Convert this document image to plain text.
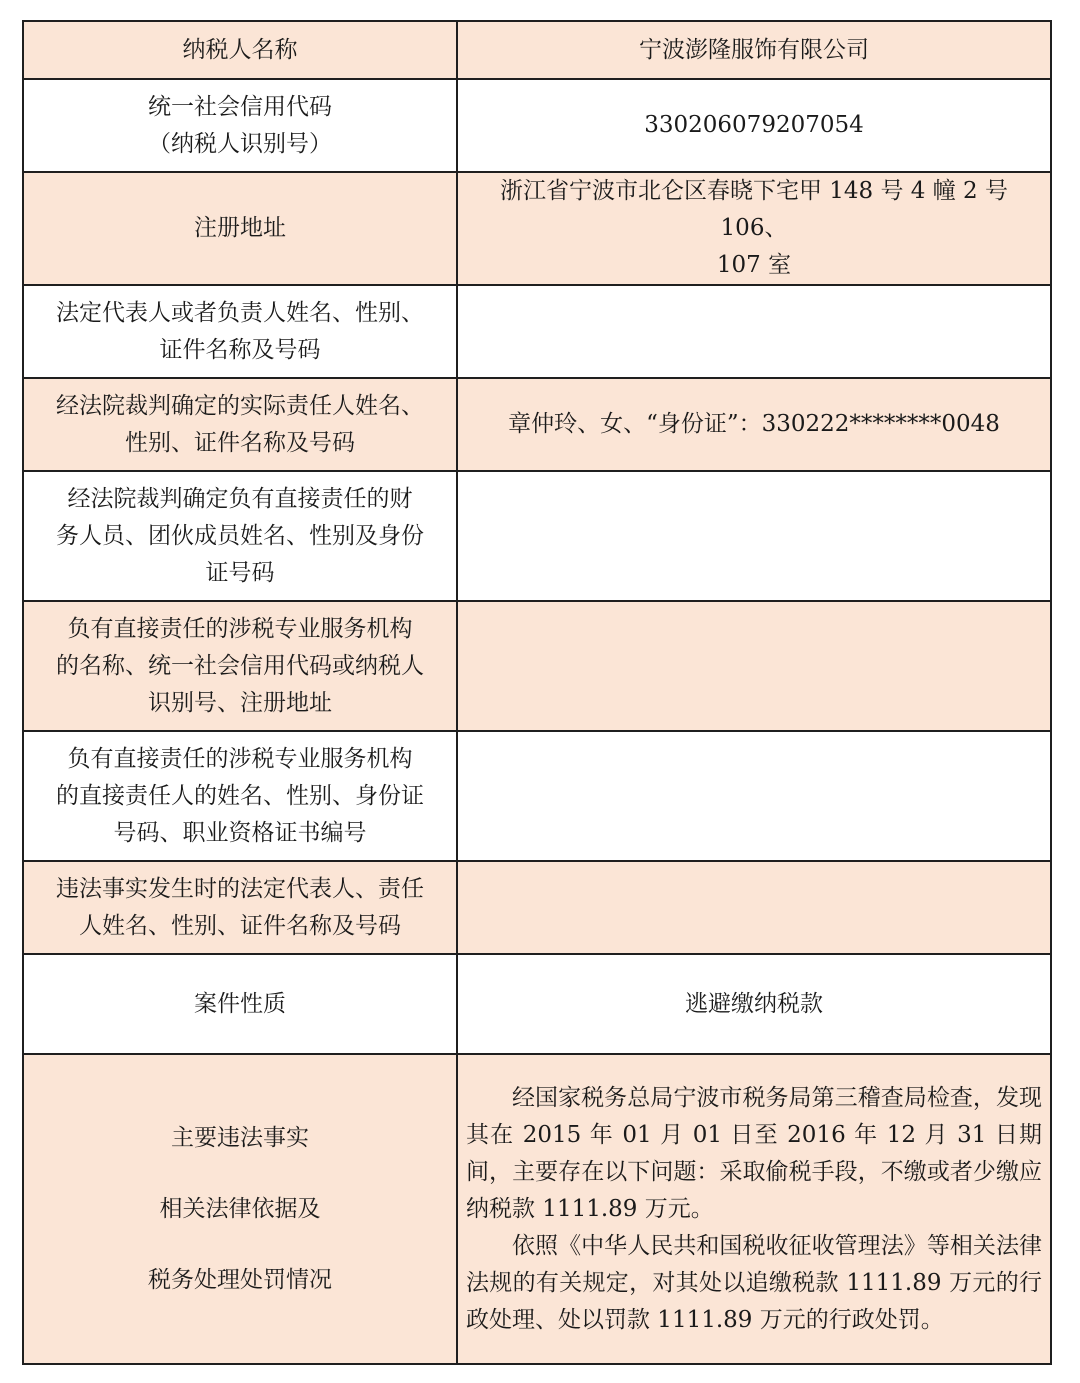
纳税人名称	宁波澎隆服饰有限公司

统一社会信用代码
（纳税人识别号）	330206079207054

注册地址	浙江省宁波市北仑区春晓下宅甲 148 号 4 幢 2 号 106、
107 室

法定代表人或者负责人姓名、性别、
证件名称及号码	

经法院裁判确定的实际责任人姓名、
性别、证件名称及号码	章仲玲、女、“身份证”：330222********0048

经法院裁判确定负有直接责任的财
务人员、团伙成员姓名、性别及身份
证号码	

负有直接责任的涉税专业服务机构
的名称、统一社会信用代码或纳税人
识别号、注册地址	

负有直接责任的涉税专业服务机构
的直接责任人的姓名、性别、身份证
号码、职业资格证书编号	

违法事实发生时的法定代表人、责任
人姓名、性别、证件名称及号码	

案件性质	逃避缴纳税款

主要违法事实
相关法律依据及
税务处理处罚情况	经国家税务总局宁波市税务局第三稽查局检查，发现其在 2015 年 01 月 01 日至 2016 年 12 月 31 日期间，主要存在以下问题：采取偷税手段，不缴或者少缴应纳税款 1111.89 万元。
依照《中华人民共和国税收征收管理法》等相关法律法规的有关规定，对其处以追缴税款 1111.89 万元的行政处理、处以罚款 1111.89 万元的行政处罚。
